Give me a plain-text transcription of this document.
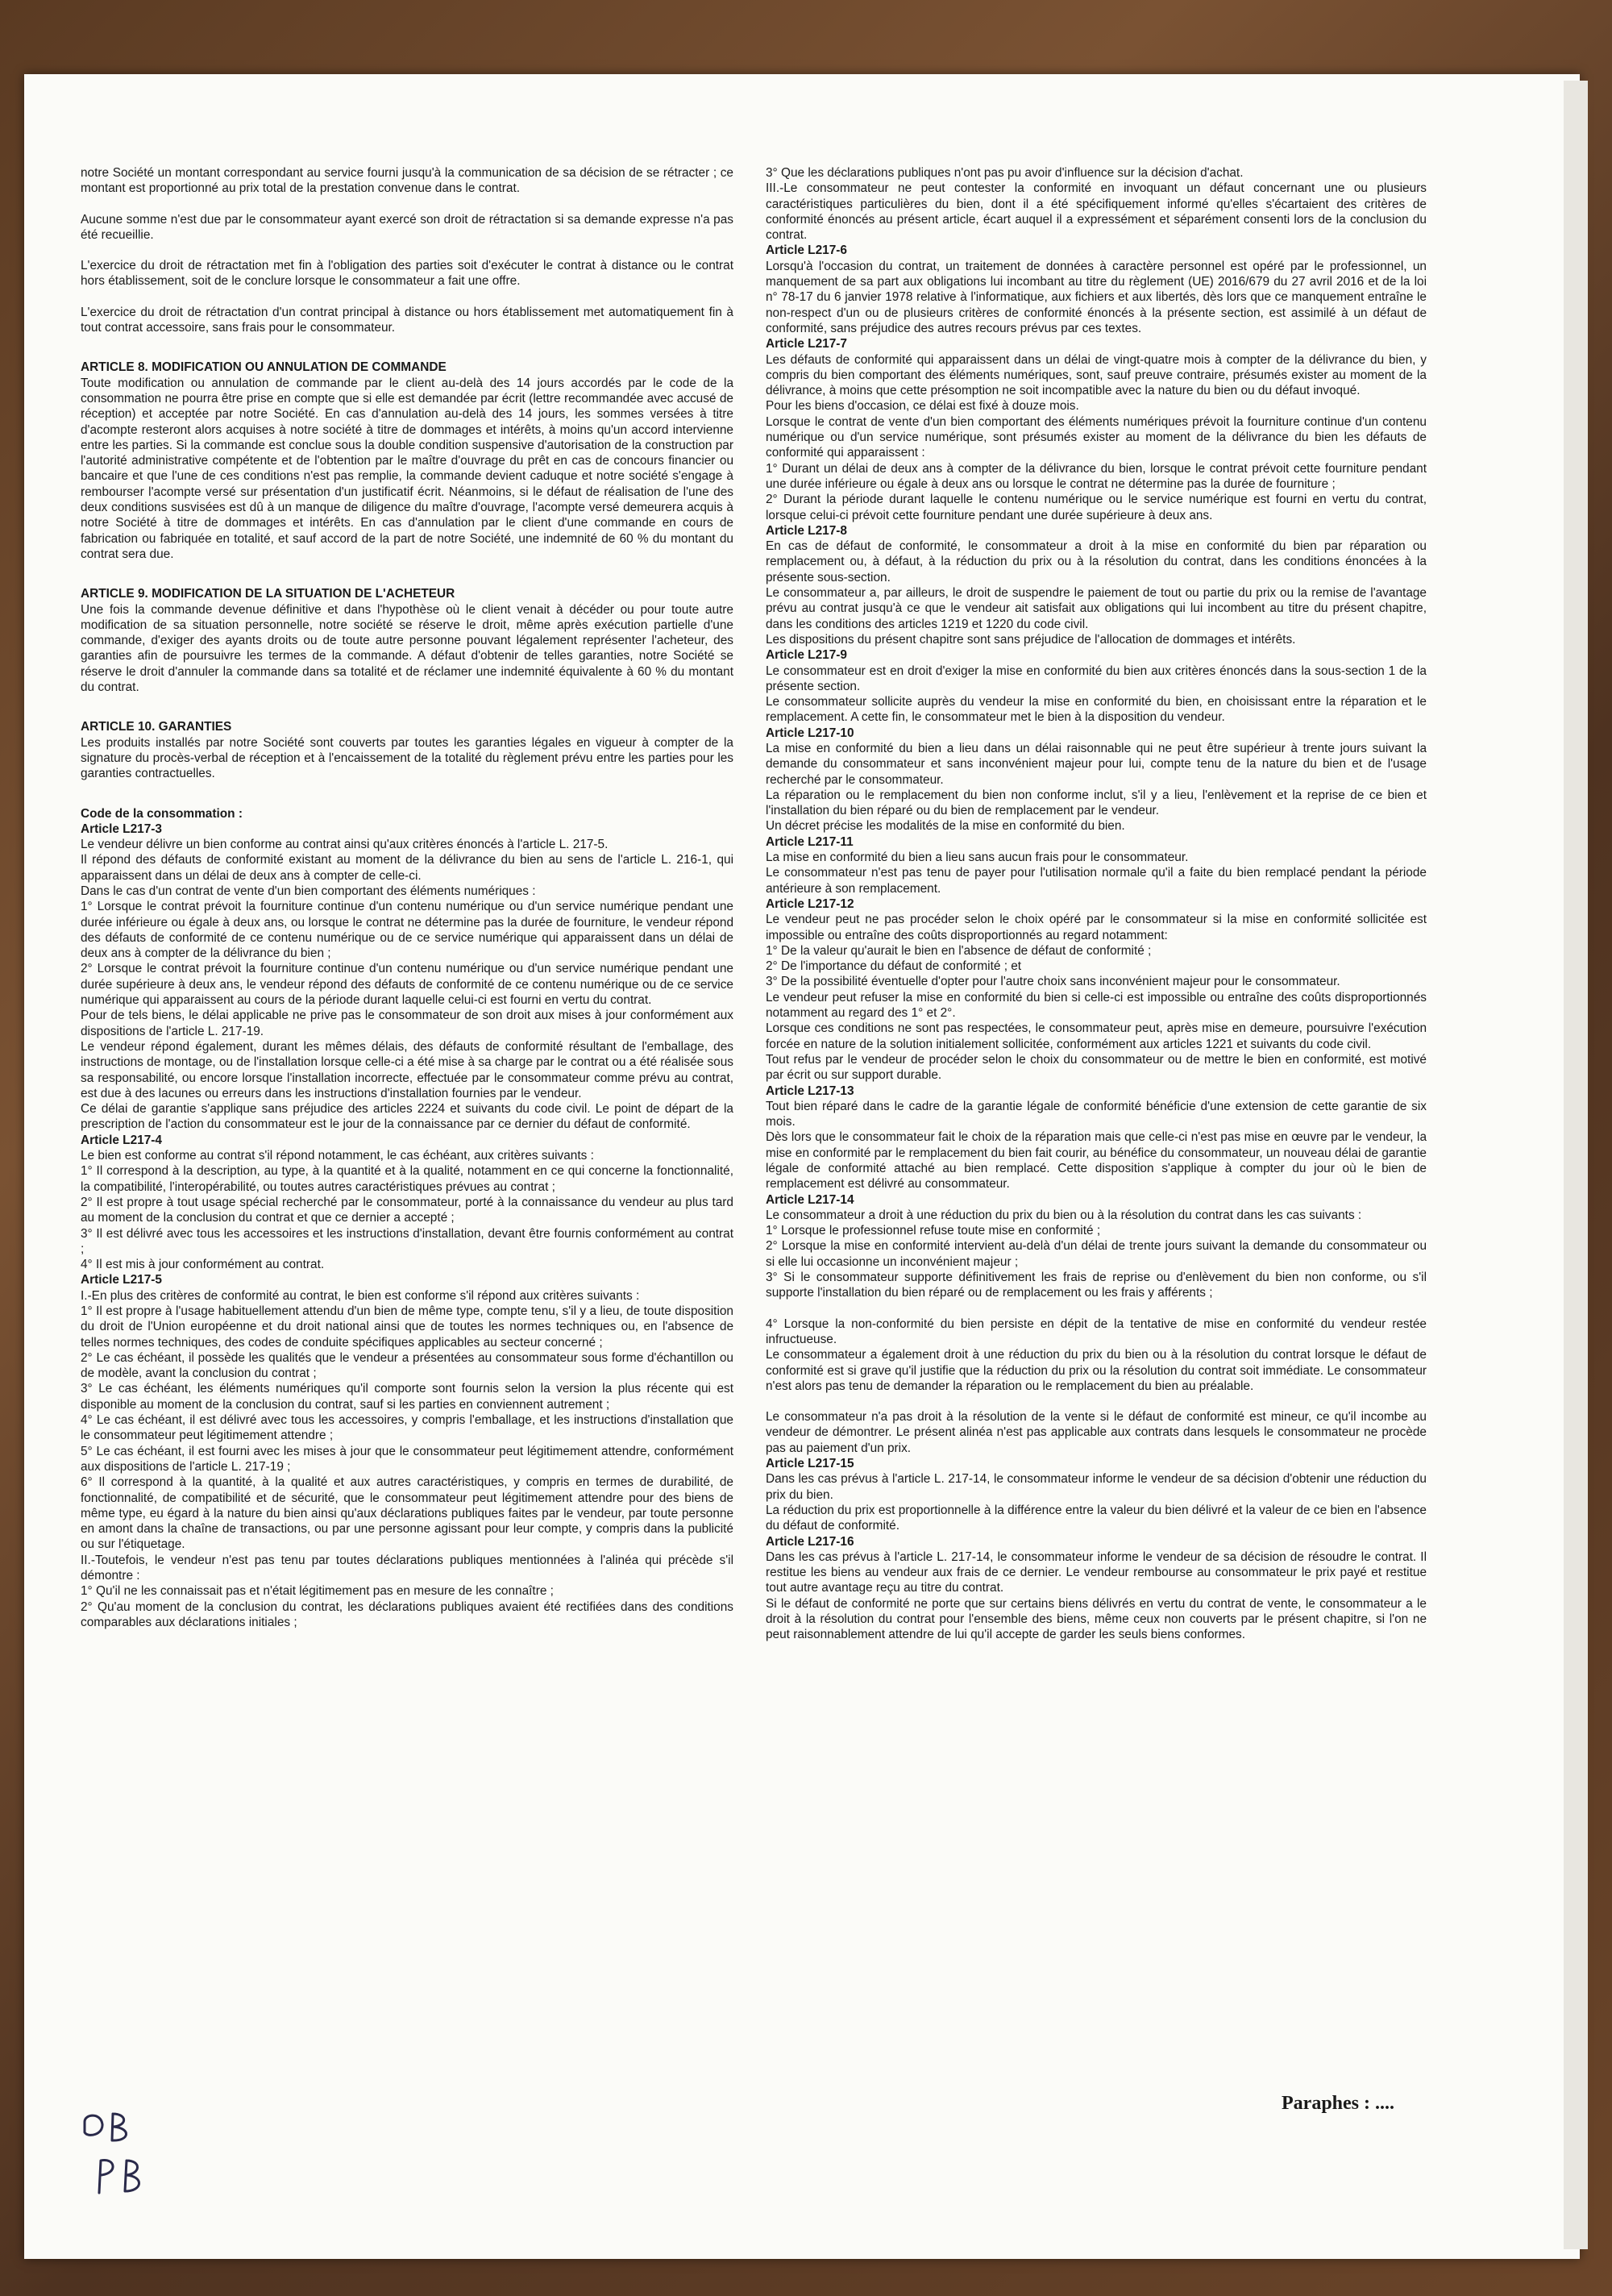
notre Société un montant correspondant au service fourni jusqu'à la communication de sa décision de se rétracter ; ce montant est proportionné au prix total de la prestation convenue dans le contrat.
Aucune somme n'est due par le consommateur ayant exercé son droit de rétractation si sa demande expresse n'a pas été recueillie.
L'exercice du droit de rétractation met fin à l'obligation des parties soit d'exécuter le contrat à distance ou le contrat hors établissement, soit de le conclure lorsque le consommateur a fait une offre.
L'exercice du droit de rétractation d'un contrat principal à distance ou hors établissement met automatiquement fin à tout contrat accessoire, sans frais pour le consommateur.
ARTICLE 8. MODIFICATION OU ANNULATION DE COMMANDE
Toute modification ou annulation de commande par le client au-delà des 14 jours accordés par le code de la consommation ne pourra être prise en compte que si elle est demandée par écrit (lettre recommandée avec accusé de réception) et acceptée par notre Société. En cas d'annulation au-delà des 14 jours, les sommes versées à titre d'acompte resteront alors acquises à notre société à titre de dommages et intérêts, à moins qu'un accord intervienne entre les parties. Si la commande est conclue sous la double condition suspensive d'autorisation de la construction par l'autorité administrative compétente et de l'obtention par le maître d'ouvrage du prêt en cas de concours financier ou bancaire et que l'une de ces conditions n'est pas remplie, la commande devient caduque et notre société s'engage à rembourser l'acompte versé sur présentation d'un justificatif écrit. Néanmoins, si le défaut de réalisation de l'une des deux conditions susvisées est dû à un manque de diligence du maître d'ouvrage, l'acompte versé demeurera acquis à notre Société à titre de dommages et intérêts. En cas d'annulation par le client d'une commande en cours de fabrication ou fabriquée en totalité, et sauf accord de la part de notre Société, une indemnité de 60 % du montant du contrat sera due.
ARTICLE 9. MODIFICATION DE LA SITUATION DE L'ACHETEUR
Une fois la commande devenue définitive et dans l'hypothèse où le client venait à décéder ou pour toute autre modification de sa situation personnelle, notre société se réserve le droit, même après exécution partielle d'une commande, d'exiger des ayants droits ou de toute autre personne pouvant légalement représenter l'acheteur, des garanties afin de poursuivre les termes de la commande. A défaut d'obtenir de telles garanties, notre Société se réserve le droit d'annuler la commande dans sa totalité et de réclamer une indemnité équivalente à 60 % du montant du contrat.
ARTICLE 10. GARANTIES
Les produits installés par notre Société sont couverts par toutes les garanties légales en vigueur à compter de la signature du procès-verbal de réception et à l'encaissement de la totalité du règlement prévu entre les parties pour les garanties contractuelles.
Code de la consommation :
Article L217-3
Le vendeur délivre un bien conforme au contrat ainsi qu'aux critères énoncés à l'article L. 217-5.
Il répond des défauts de conformité existant au moment de la délivrance du bien au sens de l'article L. 216-1, qui apparaissent dans un délai de deux ans à compter de celle-ci.
Dans le cas d'un contrat de vente d'un bien comportant des éléments numériques :
1° Lorsque le contrat prévoit la fourniture continue d'un contenu numérique ou d'un service numérique pendant une durée inférieure ou égale à deux ans, ou lorsque le contrat ne détermine pas la durée de fourniture, le vendeur répond des défauts de conformité de ce contenu numérique ou de ce service numérique qui apparaissent dans un délai de deux ans à compter de la délivrance du bien ;
2° Lorsque le contrat prévoit la fourniture continue d'un contenu numérique ou d'un service numérique pendant une durée supérieure à deux ans, le vendeur répond des défauts de conformité de ce contenu numérique ou de ce service numérique qui apparaissent au cours de la période durant laquelle celui-ci est fourni en vertu du contrat.
Pour de tels biens, le délai applicable ne prive pas le consommateur de son droit aux mises à jour conformément aux dispositions de l'article L. 217-19.
Le vendeur répond également, durant les mêmes délais, des défauts de conformité résultant de l'emballage, des instructions de montage, ou de l'installation lorsque celle-ci a été mise à sa charge par le contrat ou a été réalisée sous sa responsabilité, ou encore lorsque l'installation incorrecte, effectuée par le consommateur comme prévu au contrat, est due à des lacunes ou erreurs dans les instructions d'installation fournies par le vendeur.
Ce délai de garantie s'applique sans préjudice des articles 2224 et suivants du code civil. Le point de départ de la prescription de l'action du consommateur est le jour de la connaissance par ce dernier du défaut de conformité.
Article L217-4
Le bien est conforme au contrat s'il répond notamment, le cas échéant, aux critères suivants :
1° Il correspond à la description, au type, à la quantité et à la qualité, notamment en ce qui concerne la fonctionnalité, la compatibilité, l'interopérabilité, ou toutes autres caractéristiques prévues au contrat ;
2° Il est propre à tout usage spécial recherché par le consommateur, porté à la connaissance du vendeur au plus tard au moment de la conclusion du contrat et que ce dernier a accepté ;
3° Il est délivré avec tous les accessoires et les instructions d'installation, devant être fournis conformément au contrat ;
4° Il est mis à jour conformément au contrat.
Article L217-5
I.-En plus des critères de conformité au contrat, le bien est conforme s'il répond aux critères suivants :
1° Il est propre à l'usage habituellement attendu d'un bien de même type, compte tenu, s'il y a lieu, de toute disposition du droit de l'Union européenne et du droit national ainsi que de toutes les normes techniques ou, en l'absence de telles normes techniques, des codes de conduite spécifiques applicables au secteur concerné ;
2° Le cas échéant, il possède les qualités que le vendeur a présentées au consommateur sous forme d'échantillon ou de modèle, avant la conclusion du contrat ;
3° Le cas échéant, les éléments numériques qu'il comporte sont fournis selon la version la plus récente qui est disponible au moment de la conclusion du contrat, sauf si les parties en conviennent autrement ;
4° Le cas échéant, il est délivré avec tous les accessoires, y compris l'emballage, et les instructions d'installation que le consommateur peut légitimement attendre ;
5° Le cas échéant, il est fourni avec les mises à jour que le consommateur peut légitimement attendre, conformément aux dispositions de l'article L. 217-19 ;
6° Il correspond à la quantité, à la qualité et aux autres caractéristiques, y compris en termes de durabilité, de fonctionnalité, de compatibilité et de sécurité, que le consommateur peut légitimement attendre pour des biens de même type, eu égard à la nature du bien ainsi qu'aux déclarations publiques faites par le vendeur, par toute personne en amont dans la chaîne de transactions, ou par une personne agissant pour leur compte, y compris dans la publicité ou sur l'étiquetage.
II.-Toutefois, le vendeur n'est pas tenu par toutes déclarations publiques mentionnées à l'alinéa qui précède s'il démontre :
1° Qu'il ne les connaissait pas et n'était légitimement pas en mesure de les connaître ;
2° Qu'au moment de la conclusion du contrat, les déclarations publiques avaient été rectifiées dans des conditions comparables aux déclarations initiales ;
3° Que les déclarations publiques n'ont pas pu avoir d'influence sur la décision d'achat.
III.-Le consommateur ne peut contester la conformité en invoquant un défaut concernant une ou plusieurs caractéristiques particulières du bien, dont il a été spécifiquement informé qu'elles s'écartaient des critères de conformité énoncés au présent article, écart auquel il a expressément et séparément consenti lors de la conclusion du contrat.
Article L217-6
Lorsqu'à l'occasion du contrat, un traitement de données à caractère personnel est opéré par le professionnel, un manquement de sa part aux obligations lui incombant au titre du règlement (UE) 2016/679 du 27 avril 2016 et de la loi n° 78-17 du 6 janvier 1978 relative à l'informatique, aux fichiers et aux libertés, dès lors que ce manquement entraîne le non-respect d'un ou de plusieurs critères de conformité énoncés à la présente section, est assimilé à un défaut de conformité, sans préjudice des autres recours prévus par ces textes.
Article L217-7
Les défauts de conformité qui apparaissent dans un délai de vingt-quatre mois à compter de la délivrance du bien, y compris du bien comportant des éléments numériques, sont, sauf preuve contraire, présumés exister au moment de la délivrance, à moins que cette présomption ne soit incompatible avec la nature du bien ou du défaut invoqué.
Pour les biens d'occasion, ce délai est fixé à douze mois.
Lorsque le contrat de vente d'un bien comportant des éléments numériques prévoit la fourniture continue d'un contenu numérique ou d'un service numérique, sont présumés exister au moment de la délivrance du bien les défauts de conformité qui apparaissent :
1° Durant un délai de deux ans à compter de la délivrance du bien, lorsque le contrat prévoit cette fourniture pendant une durée inférieure ou égale à deux ans ou lorsque le contrat ne détermine pas la durée de fourniture ;
2° Durant la période durant laquelle le contenu numérique ou le service numérique est fourni en vertu du contrat, lorsque celui-ci prévoit cette fourniture pendant une durée supérieure à deux ans.
Article L217-8
En cas de défaut de conformité, le consommateur a droit à la mise en conformité du bien par réparation ou remplacement ou, à défaut, à la réduction du prix ou à la résolution du contrat, dans les conditions énoncées à la présente sous-section.
Le consommateur a, par ailleurs, le droit de suspendre le paiement de tout ou partie du prix ou la remise de l'avantage prévu au contrat jusqu'à ce que le vendeur ait satisfait aux obligations qui lui incombent au titre du présent chapitre, dans les conditions des articles 1219 et 1220 du code civil.
Les dispositions du présent chapitre sont sans préjudice de l'allocation de dommages et intérêts.
Article L217-9
Le consommateur est en droit d'exiger la mise en conformité du bien aux critères énoncés dans la sous-section 1 de la présente section.
Le consommateur sollicite auprès du vendeur la mise en conformité du bien, en choisissant entre la réparation et le remplacement. A cette fin, le consommateur met le bien à la disposition du vendeur.
Article L217-10
La mise en conformité du bien a lieu dans un délai raisonnable qui ne peut être supérieur à trente jours suivant la demande du consommateur et sans inconvénient majeur pour lui, compte tenu de la nature du bien et de l'usage recherché par le consommateur.
La réparation ou le remplacement du bien non conforme inclut, s'il y a lieu, l'enlèvement et la reprise de ce bien et l'installation du bien réparé ou du bien de remplacement par le vendeur.
Un décret précise les modalités de la mise en conformité du bien.
Article L217-11
La mise en conformité du bien a lieu sans aucun frais pour le consommateur.
Le consommateur n'est pas tenu de payer pour l'utilisation normale qu'il a faite du bien remplacé pendant la période antérieure à son remplacement.
Article L217-12
Le vendeur peut ne pas procéder selon le choix opéré par le consommateur si la mise en conformité sollicitée est impossible ou entraîne des coûts disproportionnés au regard notamment:
1° De la valeur qu'aurait le bien en l'absence de défaut de conformité ;
2° De l'importance du défaut de conformité ; et
3° De la possibilité éventuelle d'opter pour l'autre choix sans inconvénient majeur pour le consommateur.
Le vendeur peut refuser la mise en conformité du bien si celle-ci est impossible ou entraîne des coûts disproportionnés notamment au regard des 1° et 2°.
Lorsque ces conditions ne sont pas respectées, le consommateur peut, après mise en demeure, poursuivre l'exécution forcée en nature de la solution initialement sollicitée, conformément aux articles 1221 et suivants du code civil.
Tout refus par le vendeur de procéder selon le choix du consommateur ou de mettre le bien en conformité, est motivé par écrit ou sur support durable.
Article L217-13
Tout bien réparé dans le cadre de la garantie légale de conformité bénéficie d'une extension de cette garantie de six mois.
Dès lors que le consommateur fait le choix de la réparation mais que celle-ci n'est pas mise en œuvre par le vendeur, la mise en conformité par le remplacement du bien fait courir, au bénéfice du consommateur, un nouveau délai de garantie légale de conformité attaché au bien remplacé. Cette disposition s'applique à compter du jour où le bien de remplacement est délivré au consommateur.
Article L217-14
Le consommateur a droit à une réduction du prix du bien ou à la résolution du contrat dans les cas suivants :
1° Lorsque le professionnel refuse toute mise en conformité ;
2° Lorsque la mise en conformité intervient au-delà d'un délai de trente jours suivant la demande du consommateur ou si elle lui occasionne un inconvénient majeur ;
3° Si le consommateur supporte définitivement les frais de reprise ou d'enlèvement du bien non conforme, ou s'il supporte l'installation du bien réparé ou de remplacement ou les frais y afférents ;
4° Lorsque la non-conformité du bien persiste en dépit de la tentative de mise en conformité du vendeur restée infructueuse.
Le consommateur a également droit à une réduction du prix du bien ou à la résolution du contrat lorsque le défaut de conformité est si grave qu'il justifie que la réduction du prix ou la résolution du contrat soit immédiate. Le consommateur n'est alors pas tenu de demander la réparation ou le remplacement du bien au préalable.
Le consommateur n'a pas droit à la résolution de la vente si le défaut de conformité est mineur, ce qu'il incombe au vendeur de démontrer. Le présent alinéa n'est pas applicable aux contrats dans lesquels le consommateur ne procède pas au paiement d'un prix.
Article L217-15
Dans les cas prévus à l'article L. 217-14, le consommateur informe le vendeur de sa décision d'obtenir une réduction du prix du bien.
La réduction du prix est proportionnelle à la différence entre la valeur du bien délivré et la valeur de ce bien en l'absence du défaut de conformité.
Article L217-16
Dans les cas prévus à l'article L. 217-14, le consommateur informe le vendeur de sa décision de résoudre le contrat. Il restitue les biens au vendeur aux frais de ce dernier. Le vendeur rembourse au consommateur le prix payé et restitue tout autre avantage reçu au titre du contrat.
Si le défaut de conformité ne porte que sur certains biens délivrés en vertu du contrat de vente, le consommateur a le droit à la résolution du contrat pour l'ensemble des biens, même ceux non couverts par le présent chapitre, si l'on ne peut raisonnablement attendre de lui qu'il accepte de garder les seuls biens conformes.
Paraphes : ....
